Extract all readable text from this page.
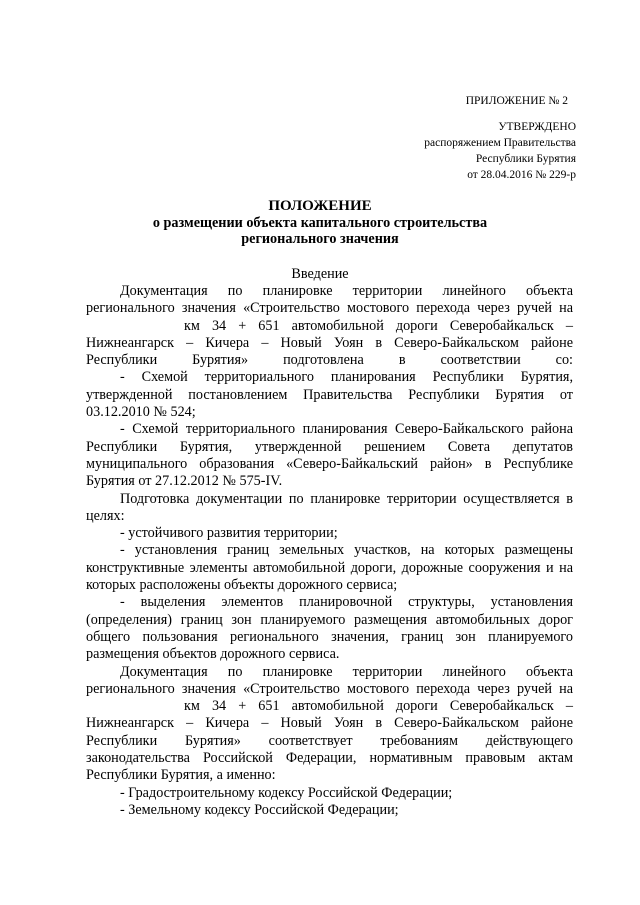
ПРИЛОЖЕНИЕ № 2
УТВЕРЖДЕНО
распоряжением Правительства
Республики Бурятия
от 28.04.2016 № 229-р
ПОЛОЖЕНИЕ
о размещении объекта капитального строительства
регионального значения
Введение

Документация по планировке территории линейного объекта регионального значения «Строительство мостового перехода через ручей накм 34 + 651 автомобильной дороги Северобайкальск – Нижнеангарск – Кичера – Новый Уоян в Северо-Байкальском районе Республики Бурятия» подготовлена в соответствии со:

- Схемой территориального планирования Республики Бурятия, утвержденной постановлением Правительства Республики Бурятия от 03.12.2010 № 524;

- Схемой территориального планирования Северо-Байкальского района Республики Бурятия, утвержденной решением Совета депутатов муниципального образования «Северо-Байкальский район» в Республике Бурятия от 27.12.2012 № 575-IV.

Подготовка документации по планировке территории осуществляется в целях:

- устойчивого развития территории;

- установления границ земельных участков, на которых размещены конструктивные элементы автомобильной дороги, дорожные сооружения и на которых расположены объекты дорожного сервиса;

- выделения элементов планировочной структуры, установления (определения) границ зон планируемого размещения автомобильных дорог общего пользования регионального значения, границ зон планируемого размещения объектов дорожного сервиса.

Документация по планировке территории линейного объекта регионального значения «Строительство мостового перехода через ручей накм 34 + 651 автомобильной дороги Северобайкальск – Нижнеангарск – Кичера – Новый Уоян в Северо-Байкальском районе Республики Бурятия» соответствует требованиям действующего законодательства Российской Федерации, нормативным правовым актам Республики Бурятия, а именно:

- Градостроительному кодексу Российской Федерации;

- Земельному кодексу Российской Федерации;
